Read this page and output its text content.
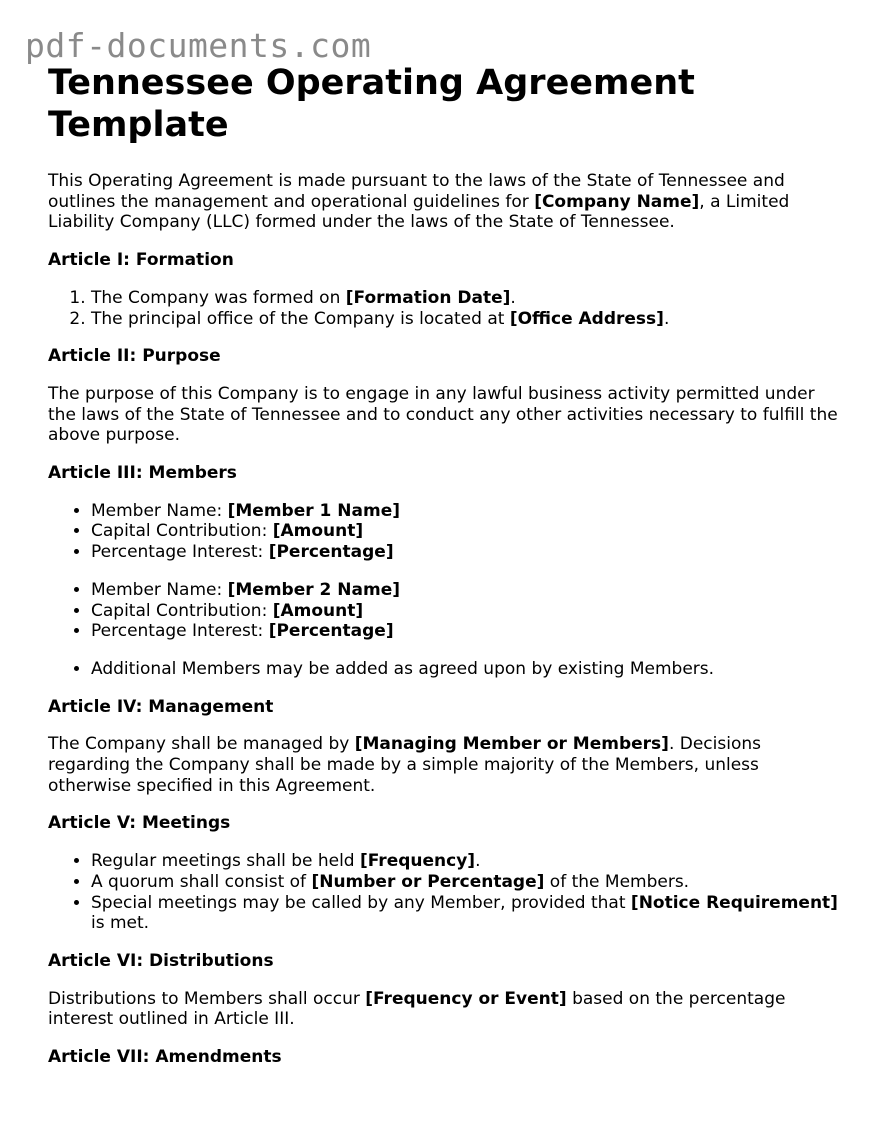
pdf-documents.com
Tennessee Operating Agreement Template

This Operating Agreement is made pursuant to the laws of the State of Tennessee and outlines the management and operational guidelines for [Company Name], a Limited Liability Company (LLC) formed under the laws of the State of Tennessee.

Article I: Formation
1. The Company was formed on [Formation Date].
2. The principal office of the Company is located at [Office Address].
Article II: Purpose

The purpose of this Company is to engage in any lawful business activity permitted under the laws of the State of Tennessee and to conduct any other activities necessary to fulfill the above purpose.

Article III: Members
• Member Name: [Member 1 Name]
• Capital Contribution: [Amount]
• Percentage Interest: [Percentage]
• Member Name: [Member 2 Name]
• Capital Contribution: [Amount]
• Percentage Interest: [Percentage]
• Additional Members may be added as agreed upon by existing Members.
Article IV: Management

The Company shall be managed by [Managing Member or Members]. Decisions regarding the Company shall be made by a simple majority of the Members, unless otherwise specified in this Agreement.

Article V: Meetings
• Regular meetings shall be held [Frequency].
• A quorum shall consist of [Number or Percentage] of the Members.
• Special meetings may be called by any Member, provided that [Notice Requirement] is met.
Article VI: Distributions

Distributions to Members shall occur [Frequency or Event] based on the percentage interest outlined in Article III.

Article VII: Amendments
